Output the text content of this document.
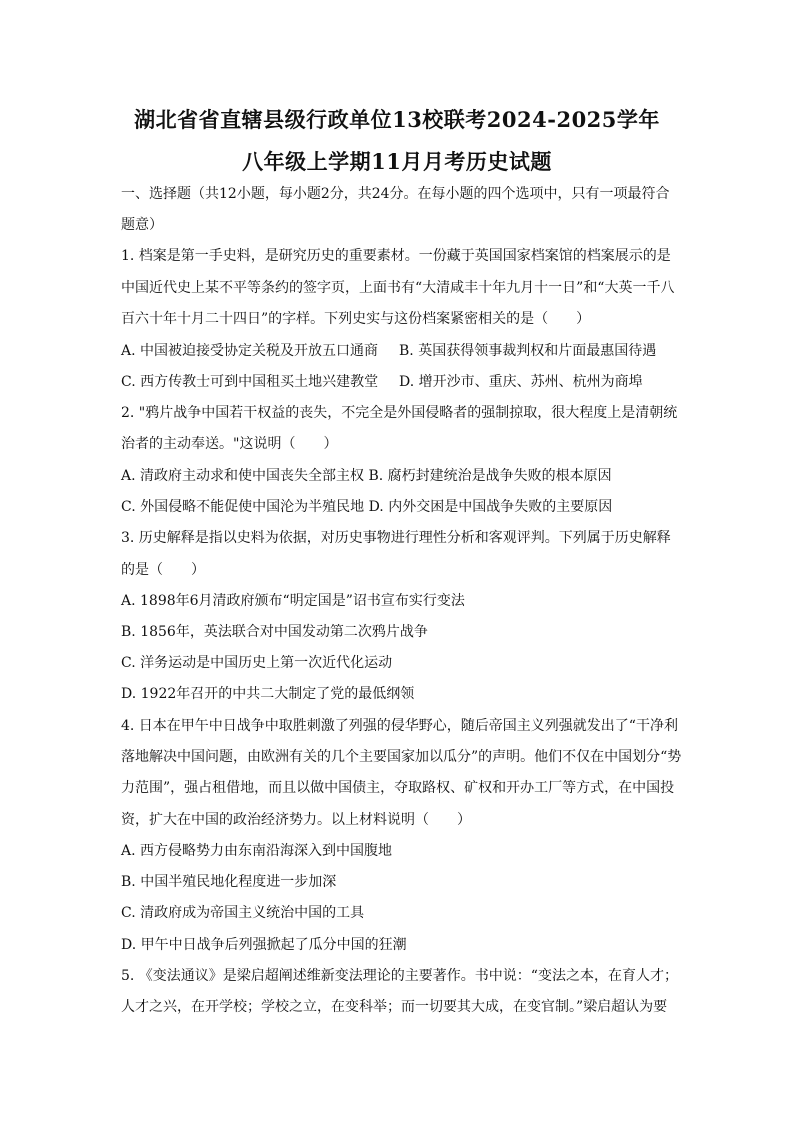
湖北省省直辖县级行政单位13校联考2024-2025学年
八年级上学期11月月考历史试题
一、选择题（共12小题，每小题2分，共24分。在每小题的四个选项中，只有一项最符合
题意）
1. 档案是第一手史料，是研究历史的重要素材。一份藏于英国国家档案馆的档案展示的是
中国近代史上某不平等条约的签字页，上面书有“大清咸丰十年九月十一日”和“大英一千八
百六十年十月二十四日”的字样。下列史实与这份档案紧密相关的是（　　）
A. 中国被迫接受协定关税及开放五口通商 B. 英国获得领事裁判权和片面最惠国待遇
C. 西方传教士可到中国租买土地兴建教堂 D. 增开沙市、重庆、苏州、杭州为商埠
2. "鸦片战争中国若干权益的丧失，不完全是外国侵略者的强制掠取，很大程度上是清朝统
治者的主动奉送。"这说明（　　）
A. 清政府主动求和使中国丧失全部主权 B. 腐朽封建统治是战争失败的根本原因
C. 外国侵略不能促使中国沦为半殖民地 D. 内外交困是中国战争失败的主要原因
3. 历史解释是指以史料为依据，对历史事物进行理性分析和客观评判。下列属于历史解释
的是（　　）
A. 1898年6月清政府颁布“明定国是”诏书宣布实行变法
B. 1856年，英法联合对中国发动第二次鸦片战争
C. 洋务运动是中国历史上第一次近代化运动
D. 1922年召开的中共二大制定了党的最低纲领
4. 日本在甲午中日战争中取胜刺激了列强的侵华野心，随后帝国主义列强就发出了“干净利
落地解决中国问题，由欧洲有关的几个主要国家加以瓜分”的声明。他们不仅在中国划分“势
力范围”，强占租借地，而且以做中国债主，夺取路权、矿权和开办工厂等方式，在中国投
资，扩大在中国的政治经济势力。以上材料说明（　　）
A. 西方侵略势力由东南沿海深入到中国腹地
B. 中国半殖民地化程度进一步加深
C. 清政府成为帝国主义统治中国的工具
D. 甲午中日战争后列强掀起了瓜分中国的狂潮
5. 《变法通议》是梁启超阐述维新变法理论的主要著作。书中说：“变法之本，在育人才；
人才之兴，在开学校；学校之立，在变科举；而一切要其大成，在变官制。”梁启超认为要
